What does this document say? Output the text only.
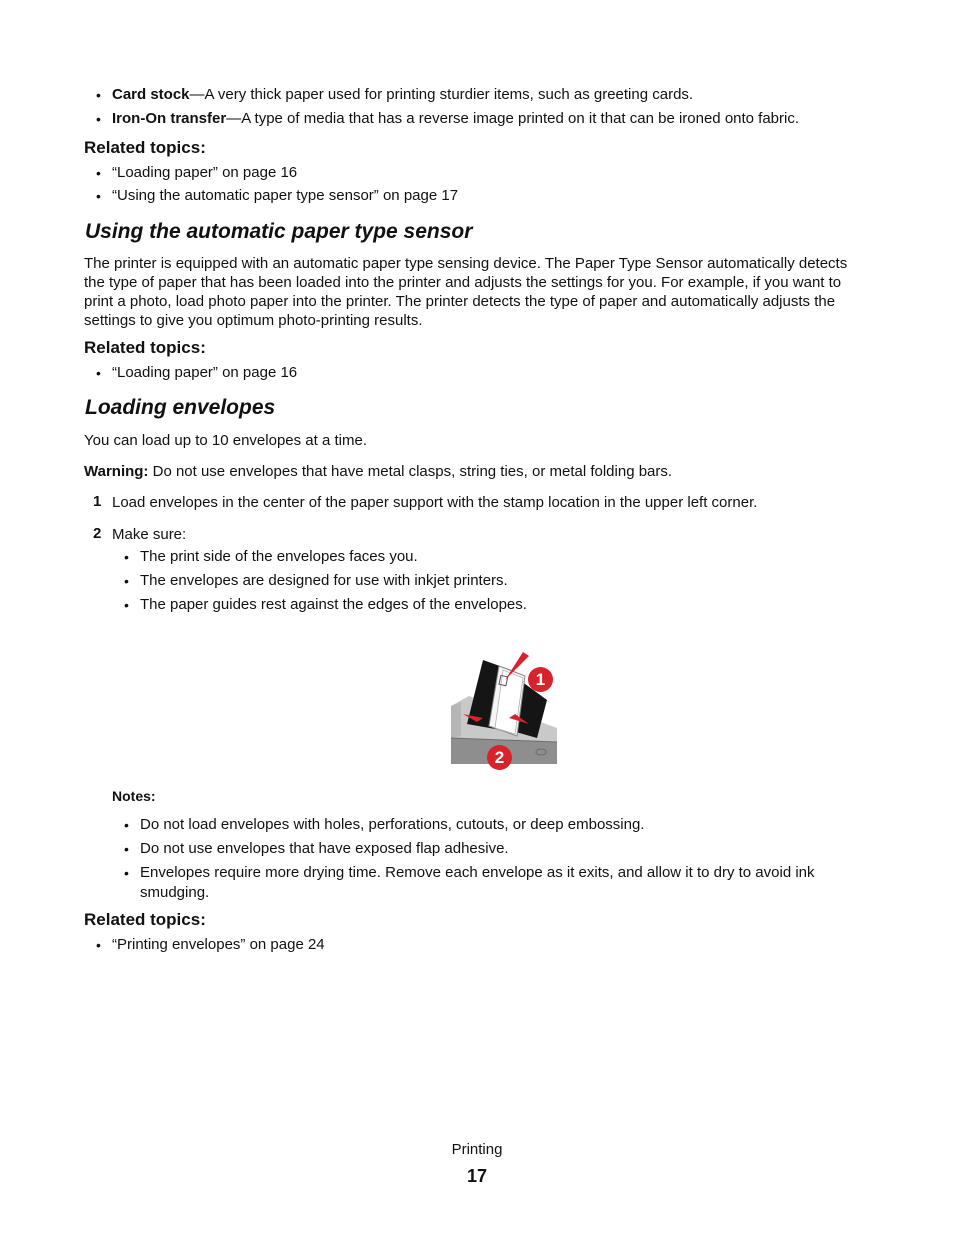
• Card stock—A very thick paper used for printing sturdier items, such as greeting cards.
• Iron-On transfer—A type of media that has a reverse image printed on it that can be ironed onto fabric.
Related topics:
• “Loading paper” on page 16
• “Using the automatic paper type sensor” on page 17
Using the automatic paper type sensor
The printer is equipped with an automatic paper type sensing device. The Paper Type Sensor automatically detects
the type of paper that has been loaded into the printer and adjusts the settings for you. For example, if you want to
print a photo, load photo paper into the printer. The printer detects the type of paper and automatically adjusts the
settings to give you optimum photo-printing results.
Related topics:
• “Loading paper” on page 16
Loading envelopes
You can load up to 10 envelopes at a time.
Warning: Do not use envelopes that have metal clasps, string ties, or metal folding bars.
1 Load envelopes in the center of the paper support with the stamp location in the upper left corner.
2 Make sure:
• The print side of the envelopes faces you.
• The envelopes are designed for use with inkjet printers.
• The paper guides rest against the edges of the envelopes.
1
2
Notes:
• Do not load envelopes with holes, perforations, cutouts, or deep embossing.
• Do not use envelopes that have exposed flap adhesive.
• Envelopes require more drying time. Remove each envelope as it exits, and allow it to dry to avoid ink
smudging.
Related topics:
• “Printing envelopes” on page 24
Printing
17
